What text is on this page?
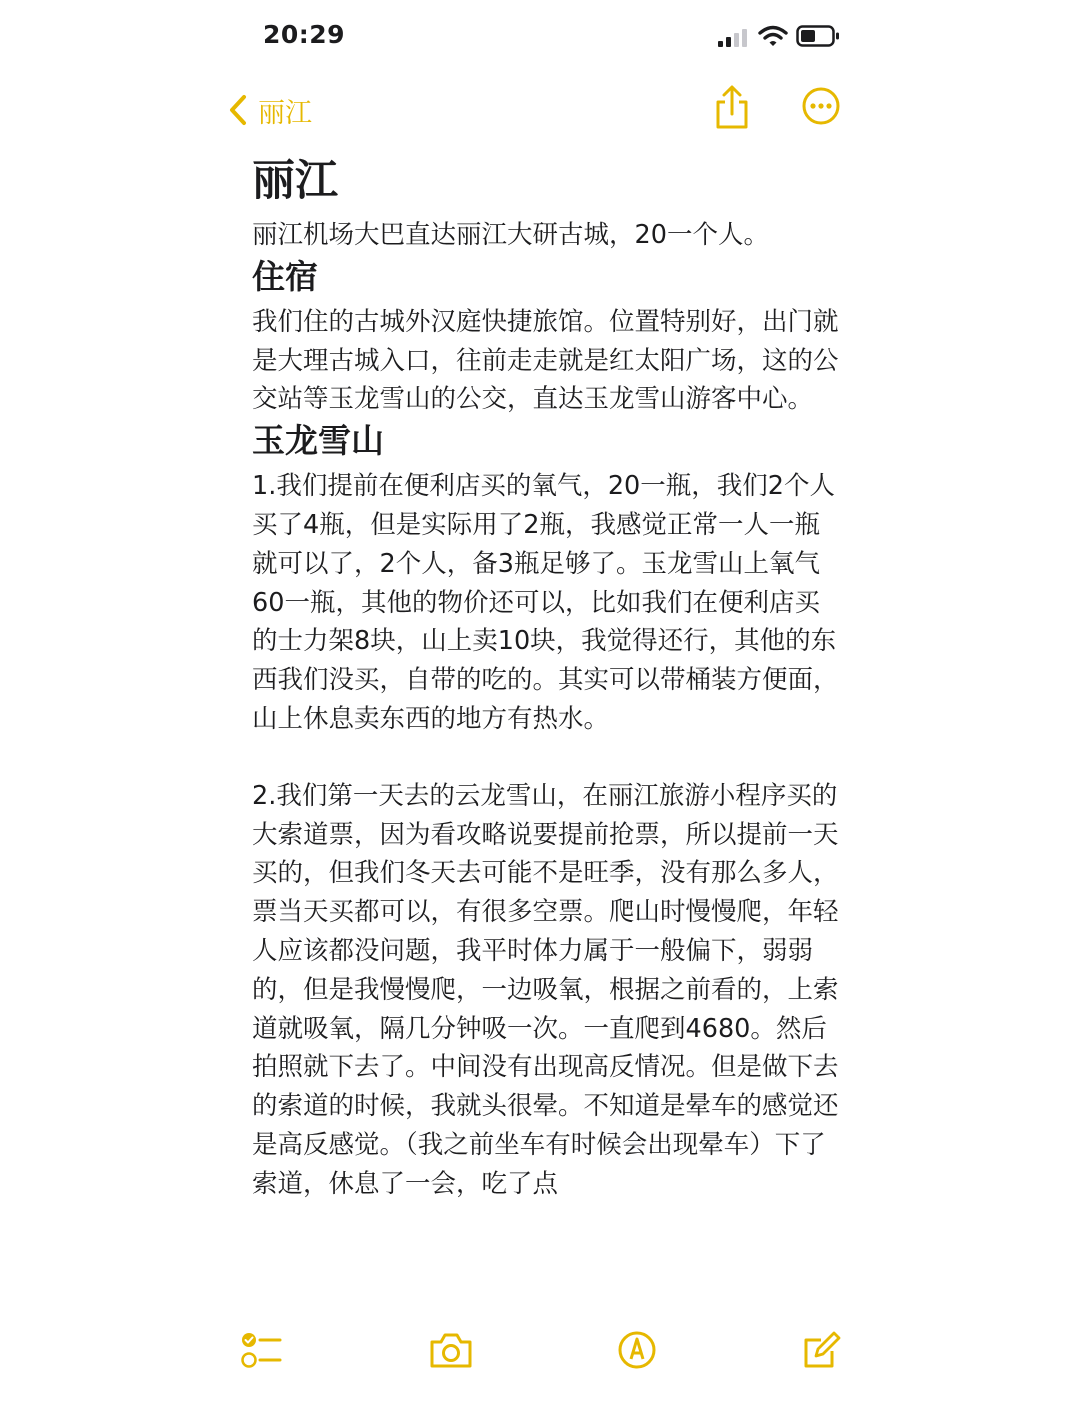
20:29
丽江

丽江

丽江机场大巴直达丽江大研古城，20一个人。

住宿

我们住的古城外汉庭快捷旅馆。位置特别好，出门就是大理古城入口，往前走走就是红太阳广场，这的公交站等玉龙雪山的公交，直达玉龙雪山游客中心。

玉龙雪山

1.我们提前在便利店买的氧气，20一瓶，我们2个人买了4瓶，但是实际用了2瓶，我感觉正常一人一瓶就可以了，2个人，备3瓶足够了。玉龙雪山上氧气60一瓶，其他的物价还可以，比如我们在便利店买的士力架8块，山上卖10块，我觉得还行，其他的东西我们没买，自带的吃的。其实可以带桶装方便面，山上休息卖东西的地方有热水。

2.我们第一天去的云龙雪山，在丽江旅游小程序买的大索道票，因为看攻略说要提前抢票，所以提前一天买的，但我们冬天去可能不是旺季，没有那么多人，票当天买都可以，有很多空票。爬山时慢慢爬，年轻人应该都没问题，我平时体力属于一般偏下，弱弱的，但是我慢慢爬，一边吸氧，根据之前看的，上索道就吸氧，隔几分钟吸一次。一直爬到4680。然后拍照就下去了。中间没有出现高反情况。但是做下去的索道的时候，我就头很晕。不知道是晕车的感觉还是高反感觉。（我之前坐车有时候会出现晕车）下了索道，休息了一会，吃了点
